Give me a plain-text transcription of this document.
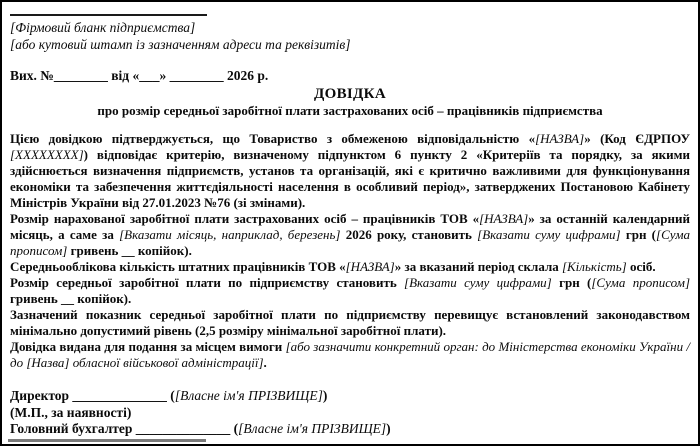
[Фірмовий бланк підприємства]
[або кутовий штамп із зазначенням адреси та реквізитів]
Вих. №________ від «___» ________ 2026 р.
ДОВІДКА
про розмір середньої заробітної плати застрахованих осіб – працівників підприємства

Цією довідкою підтверджується, що Товариство з обмеженою відповідальністю «[НАЗВА]» (Код ЄДРПОУ [XXXXXXXX]) відповідає критерію, визначеному підпунктом 6 пункту 2 «Критеріїв та порядку, за якими здійснюється визначення підприємств, установ та організацій, які є критично важливими для функціонування економіки та забезпечення життєдіяльності населення в особливий період», затверджених Постановою Кабінету Міністрів України від 27.01.2023 №76 (зі змінами).

Розмір нарахованої заробітної плати застрахованих осіб – працівників ТОВ «[НАЗВА]» за останній календарний місяць, а саме за [Вказати місяць, наприклад, березень] 2026 року, становить [Вказати суму цифрами] грн ([Сума прописом] гривень __ копійок).

Середньооблікова кількість штатних працівників ТОВ «[НАЗВА]» за вказаний період склала [Кількість] осіб.

Розмір середньої заробітної плати по підприємству становить [Вказати суму цифрами] грн ([Сума прописом] гривень __ копійок).

Зазначений показник середньої заробітної плати по підприємству перевищує встановлений законодавством мінімально допустимий рівень (2,5 розміру мінімальної заробітної плати).

Довідка видана для подання за місцем вимоги [або зазначити конкретний орган: до Міністерства економіки України / до [Назва] обласної військової адміністрації].

Директор ______________ ([Власне ім'я ПРІЗВИЩЕ])
(М.П., за наявності)
Головний бухгалтер ______________ ([Власне ім'я ПРІЗВИЩЕ])
